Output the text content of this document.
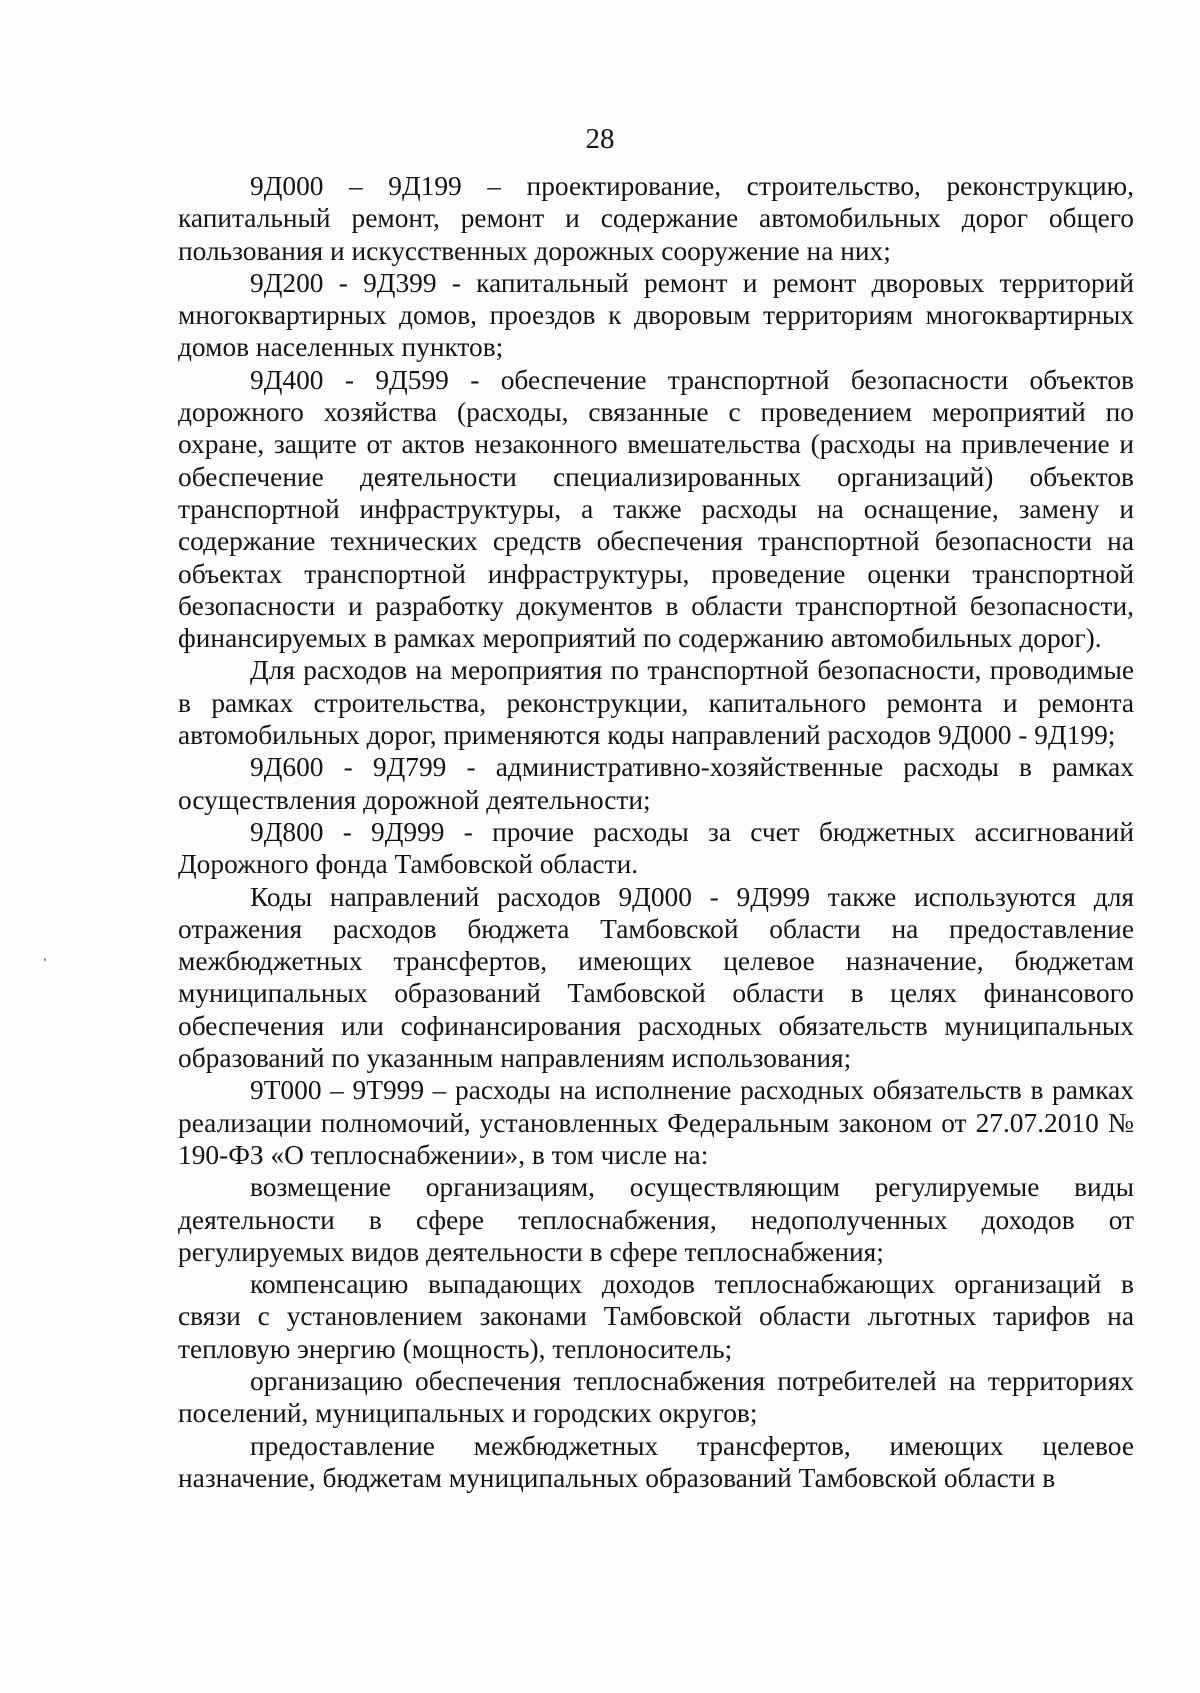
28

9Д000 – 9Д199 – проектирование, строительство, реконструкцию, капитальный ремонт, ремонт и содержание автомобильных дорог общего пользования и искусственных дорожных сооружение на них;

9Д200 - 9Д399 - капитальный ремонт и ремонт дворовых территорий многоквартирных домов, проездов к дворовым территориям многоквартирных домов населенных пунктов;

9Д400 - 9Д599 - обеспечение транспортной безопасности объектов дорожного хозяйства (расходы, связанные с проведением мероприятий по охране, защите от актов незаконного вмешательства (расходы на привлечение и обеспечение деятельности специализированных организаций) объектов транспортной инфраструктуры, а также расходы на оснащение, замену и содержание технических средств обеспечения транспортной безопасности на объектах транспортной инфраструктуры, проведение оценки транспортной безопасности и разработку документов в области транспортной безопасности, финансируемых в рамках мероприятий по содержанию автомобильных дорог).

Для расходов на мероприятия по транспортной безопасности, проводимые в рамках строительства, реконструкции, капитального ремонта и ремонта автомобильных дорог, применяются коды направлений расходов 9Д000 - 9Д199;

9Д600 - 9Д799 - административно-хозяйственные расходы в рамках осуществления дорожной деятельности;

9Д800 - 9Д999 - прочие расходы за счет бюджетных ассигнований Дорожного фонда Тамбовской области.

Коды направлений расходов 9Д000 - 9Д999 также используются для отражения расходов бюджета Тамбовской области на предоставление межбюджетных трансфертов, имеющих целевое назначение, бюджетам муниципальных образований Тамбовской области в целях финансового обеспечения или софинансирования расходных обязательств муниципальных образований по указанным направлениям использования;

9Т000 – 9Т999 – расходы на исполнение расходных обязательств в рамках реализации полномочий, установленных Федеральным законом от 27.07.2010 № 190-ФЗ «О теплоснабжении», в том числе на:

возмещение организациям, осуществляющим регулируемые виды деятельности в сфере теплоснабжения, недополученных доходов от регулируемых видов деятельности в сфере теплоснабжения;

компенсацию выпадающих доходов теплоснабжающих организаций в связи с установлением законами Тамбовской области льготных тарифов на тепловую энергию (мощность), теплоноситель;

организацию обеспечения теплоснабжения потребителей на территориях поселений, муниципальных и городских округов;

предоставление межбюджетных трансфертов, имеющих целевое назначение, бюджетам муниципальных образований Тамбовской области в
